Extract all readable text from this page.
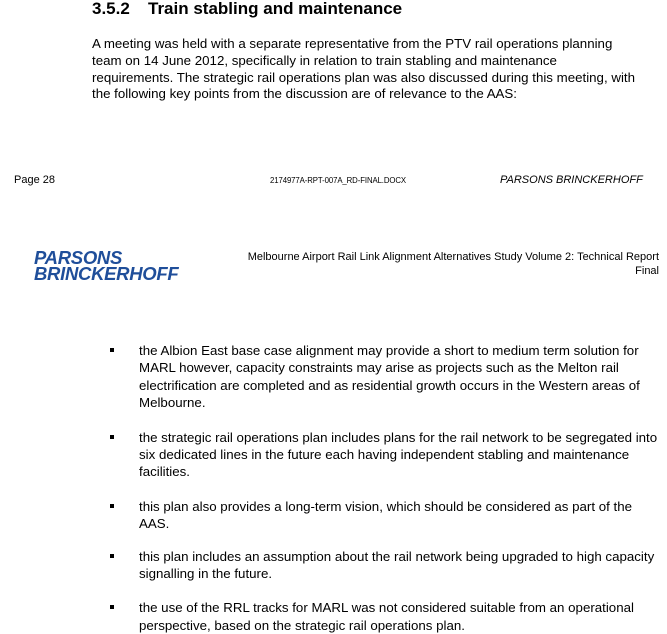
3.5.2 Train stabling and maintenance
A meeting was held with a separate representative from the PTV rail operations planning
team on 14 June 2012, specifically in relation to train stabling and maintenance
requirements. The strategic rail operations plan was also discussed during this meeting, with
the following key points from the discussion are of relevance to the AAS:
Page 28	2174977A-RPT-007A_RD-FINAL.DOCX	PARSONS BRINCKERHOFF
PARSONS
BRINCKERHOFF
Melbourne Airport Rail Link Alignment Alternatives Study Volume 2: Technical Report
Final
the Albion East base case alignment may provide a short to medium term solution for
MARL however, capacity constraints may arise as projects such as the Melton rail
electrification are completed and as residential growth occurs in the Western areas of
Melbourne.
the strategic rail operations plan includes plans for the rail network to be segregated into
six dedicated lines in the future each having independent stabling and maintenance
facilities.
this plan also provides a long-term vision, which should be considered as part of the
AAS.
this plan includes an assumption about the rail network being upgraded to high capacity
signalling in the future.
the use of the RRL tracks for MARL was not considered suitable from an operational
perspective, based on the strategic rail operations plan.
